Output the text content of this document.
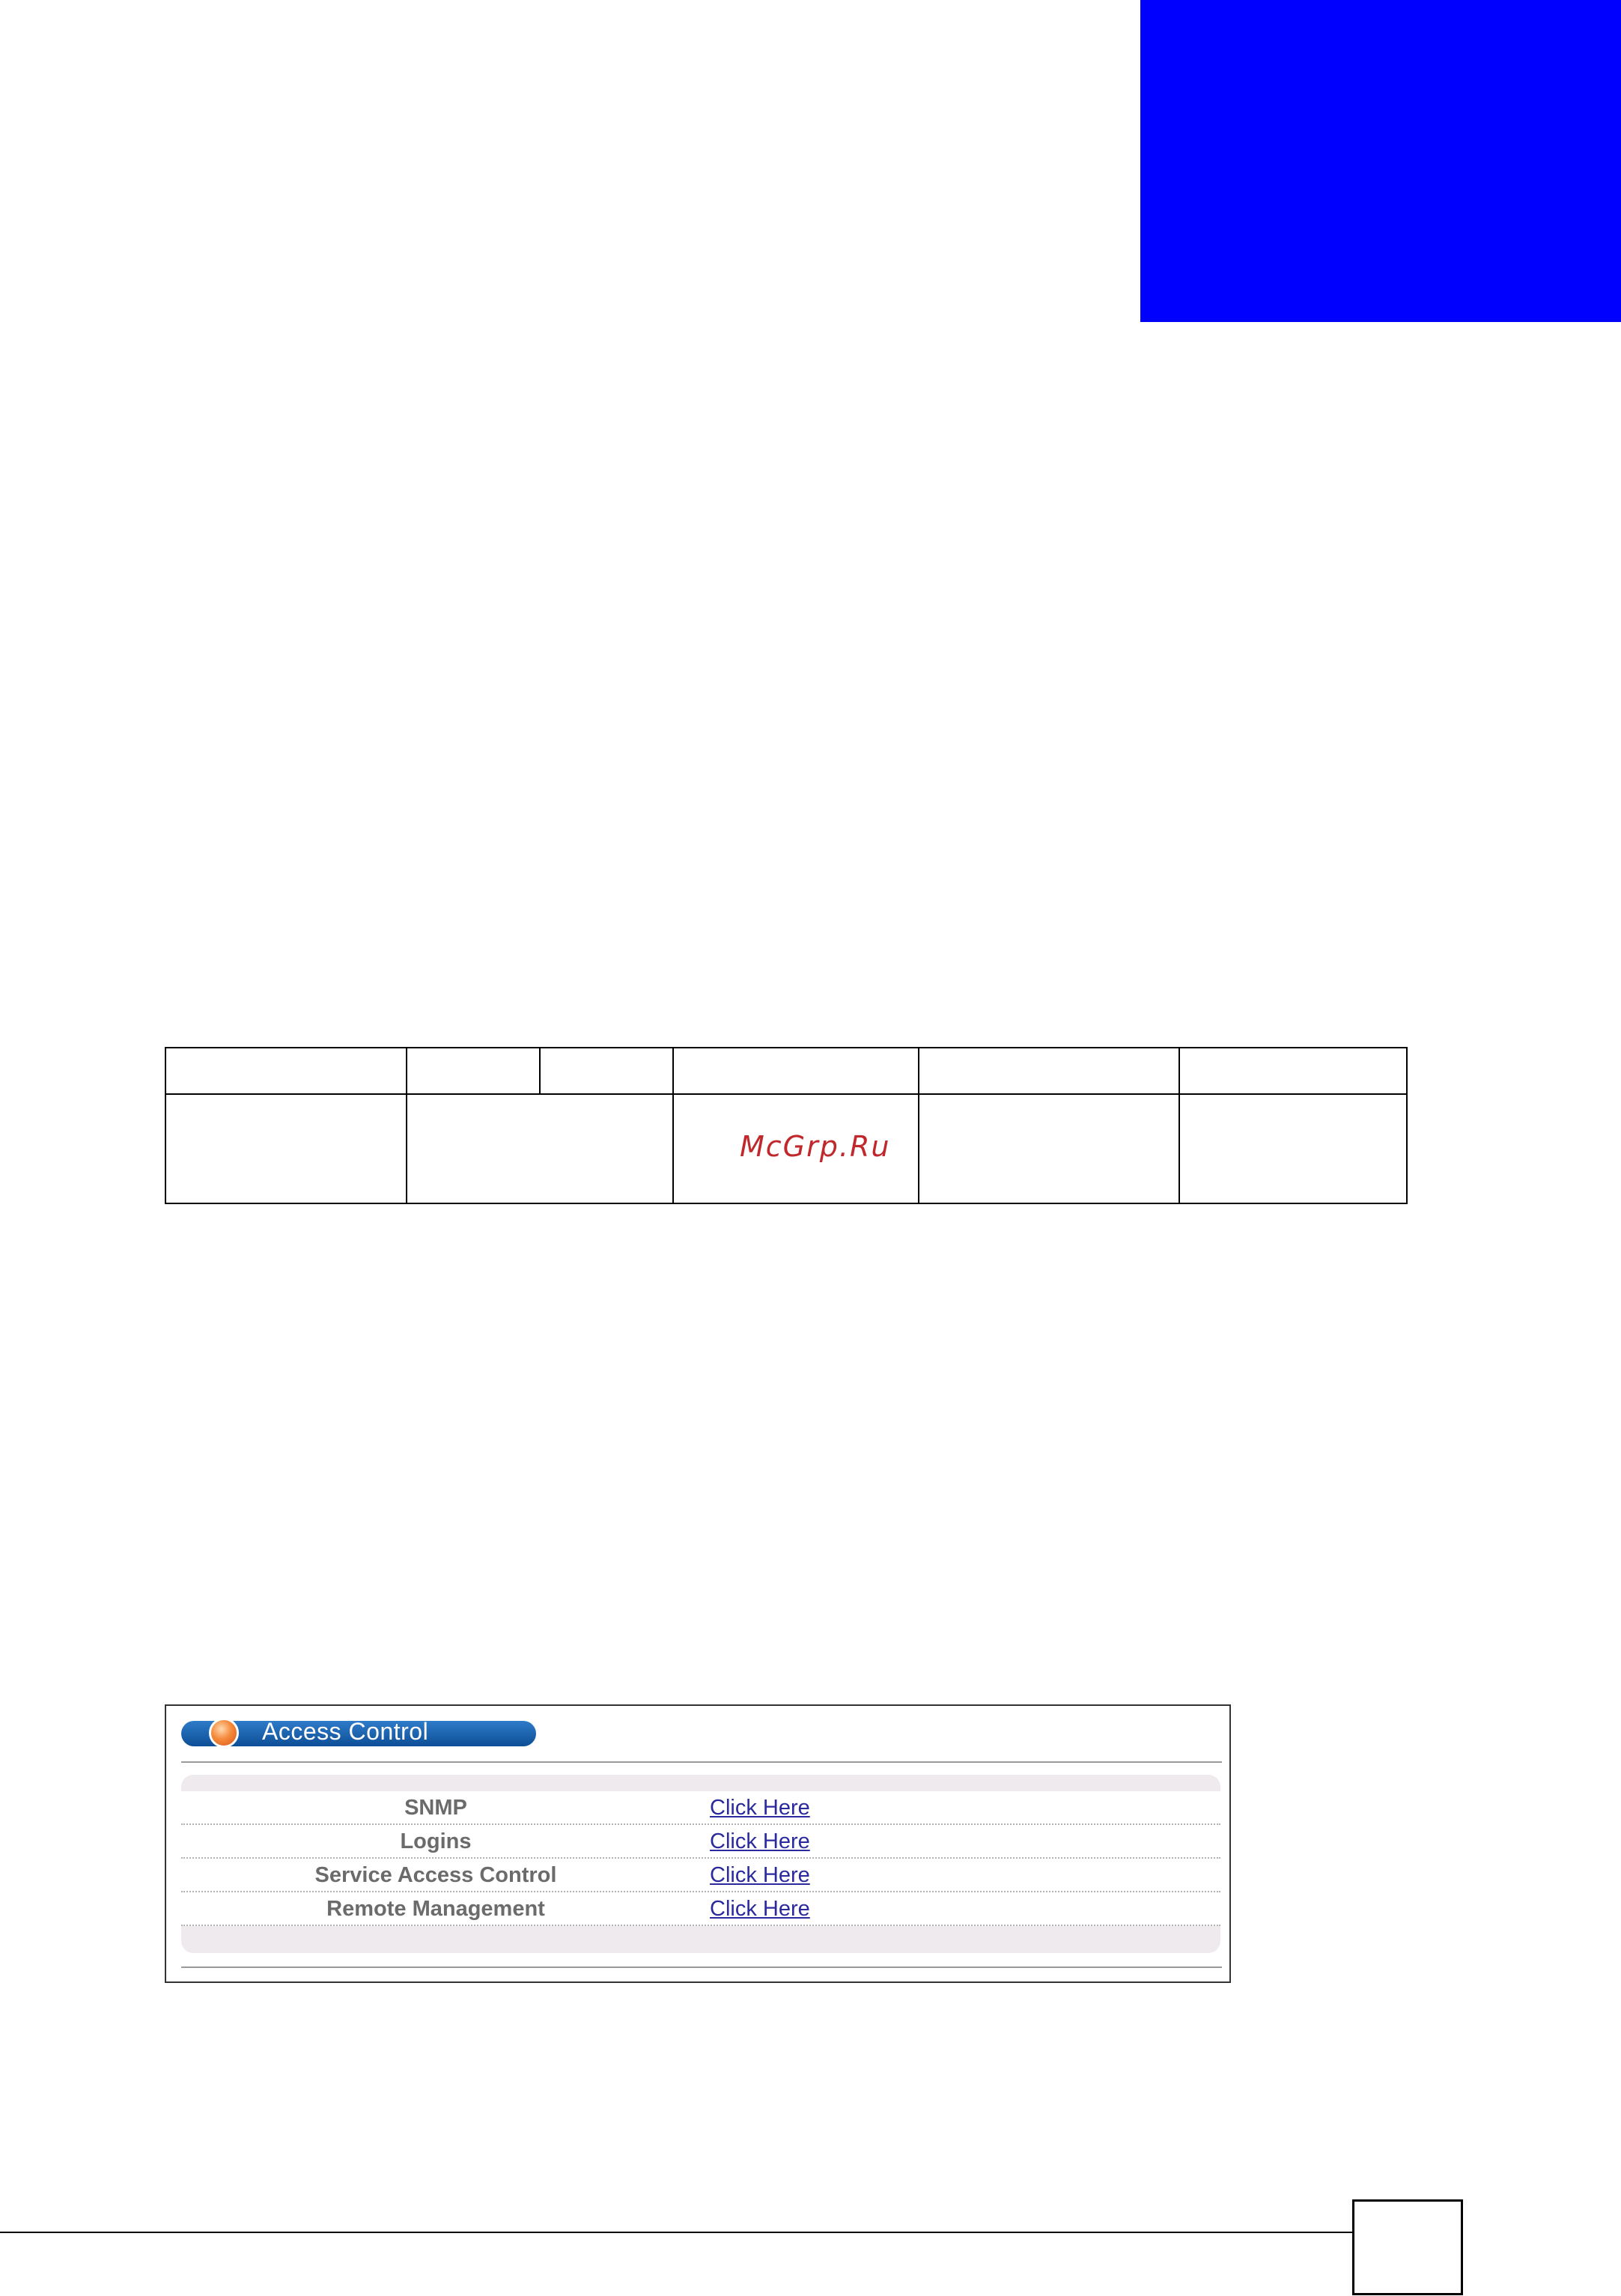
McGrp.Ru
Access Control
SNMP	Click Here
Logins	Click Here
Service Access Control	Click Here
Remote Management	Click Here
